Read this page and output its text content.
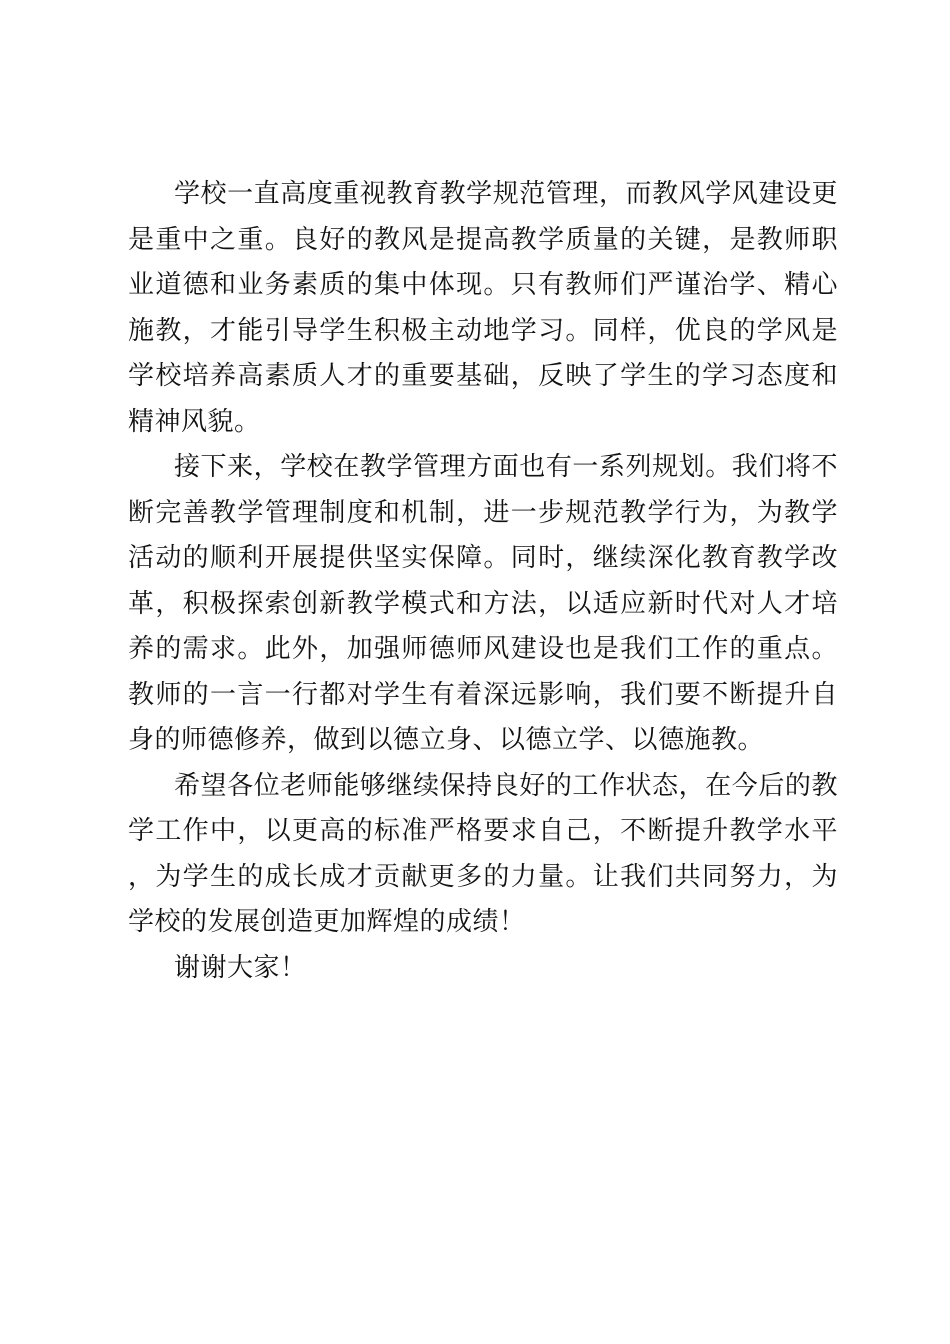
学校一直高度重视教育教学规范管理，而教风学风建设更是重中之重。良好的教风是提高教学质量的关键，是教师职业道德和业务素质的集中体现。只有教师们严谨治学、精心施教，才能引导学生积极主动地学习。同样，优良的学风是学校培养高素质人才的重要基础，反映了学生的学习态度和精神风貌。

接下来，学校在教学管理方面也有一系列规划。我们将不断完善教学管理制度和机制，进一步规范教学行为，为教学活动的顺利开展提供坚实保障。同时，继续深化教育教学改革，积极探索创新教学模式和方法，以适应新时代对人才培养的需求。此外，加强师德师风建设也是我们工作的重点。教师的一言一行都对学生有着深远影响，我们要不断提升自身的师德修养，做到以德立身、以德立学、以德施教。

希望各位老师能够继续保持良好的工作状态，在今后的教学工作中，以更高的标准严格要求自己，不断提升教学水平，为学生的成长成才贡献更多的力量。让我们共同努力，为学校的发展创造更加辉煌的成绩！

谢谢大家！
